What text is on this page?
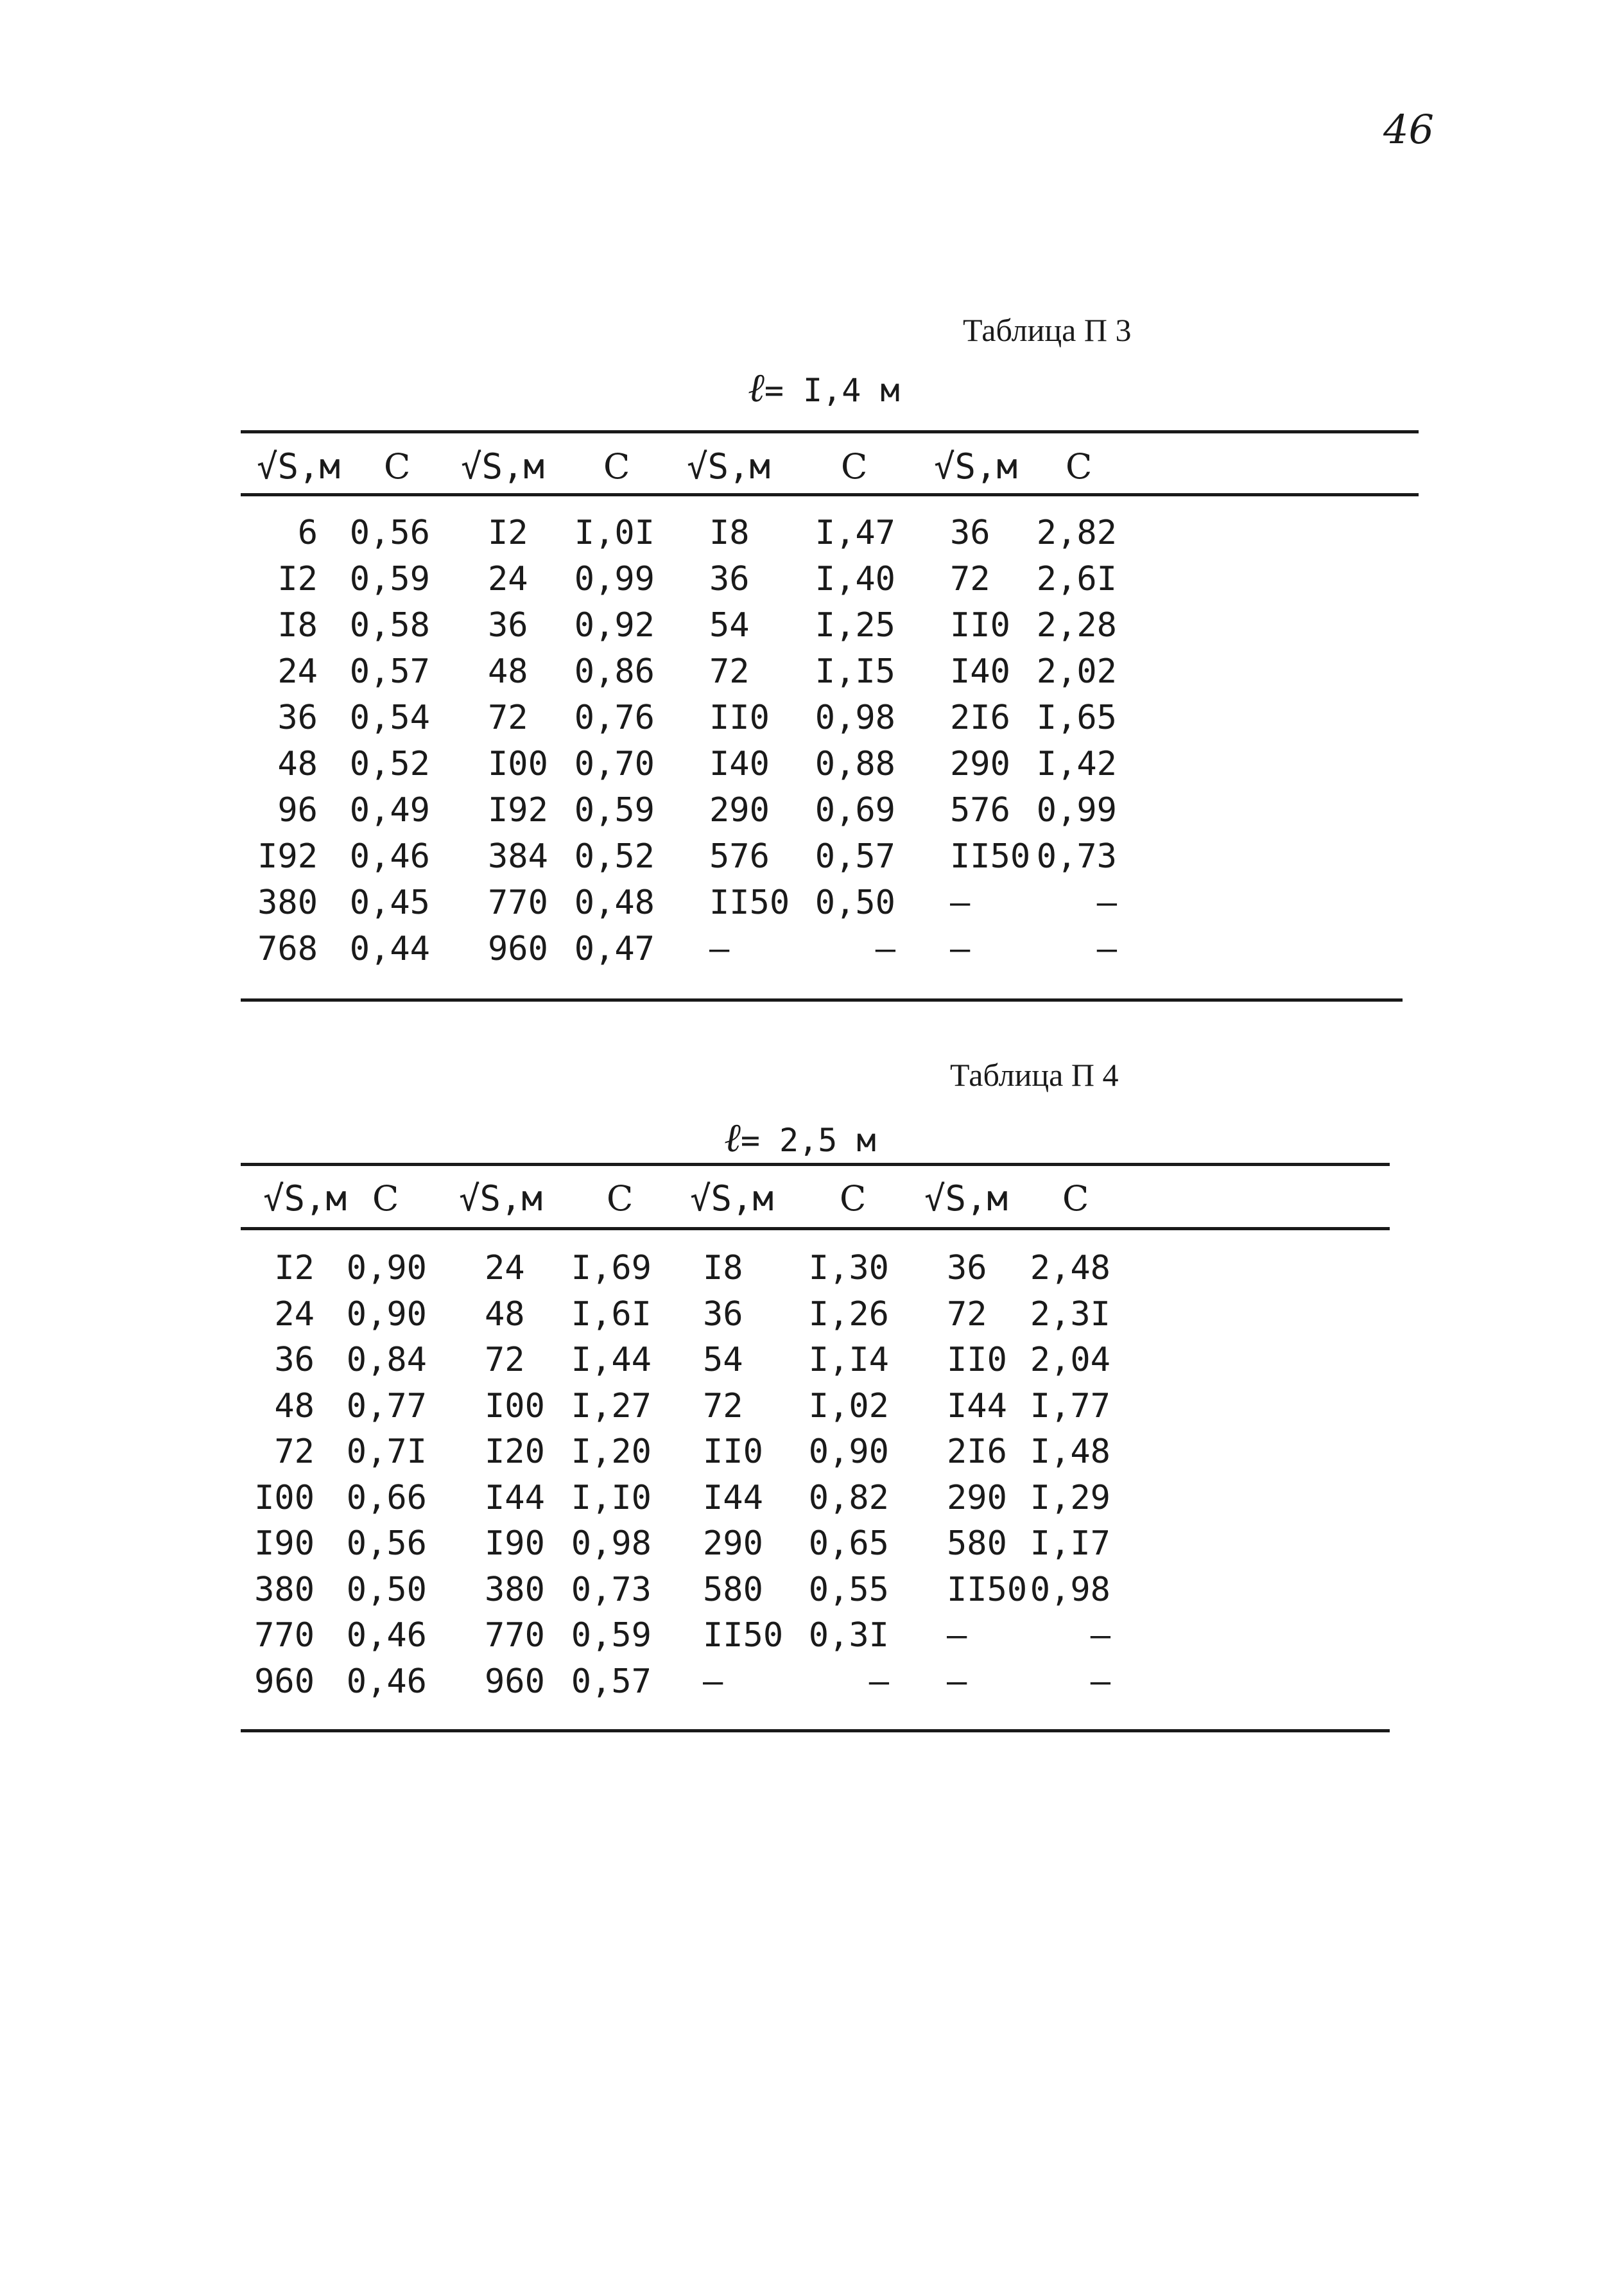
46
Таблица П 3
ℓ= I,4 м
√S,м C √S,м C √S,м C √S,м C
6 0,56 I2 I,0I I8 I,47 36 2,82
I2 0,59 24 0,99 36 I,40 72 2,6I
I8 0,58 36 0,92 54 I,25 II0 2,28
24 0,57 48 0,86 72 I,I5 I40 2,02
36 0,54 72 0,76 II0 0,98 2I6 I,65
48 0,52 I00 0,70 I40 0,88 290 I,42
96 0,49 I92 0,59 290 0,69 576 0,99
I92 0,46 384 0,52 576 0,57 II50 0,73
380 0,45 770 0,48 II50 0,50 –	–
768 0,44 960 0,47 –	– –	–
Таблица П 4
ℓ= 2,5 м
√S,м C √S,м C √S,м C √S,м C
I2 0,90 24 I,69 I8 I,30 36 2,48
24 0,90 48 I,6I 36 I,26 72 2,3I
36 0,84 72 I,44 54 I,I4 II0 2,04
48 0,77 I00 I,27 72 I,02 I44 I,77
72 0,7I I20 I,20 II0 0,90 2I6 I,48
I00 0,66 I44 I,I0 I44 0,82 290 I,29
I90 0,56 I90 0,98 290 0,65 580 I,I7
380 0,50 380 0,73 580 0,55 II50 0,98
770 0,46 770 0,59 II50 0,3I –	–
960 0,46 960 0,57 –	– –	–
